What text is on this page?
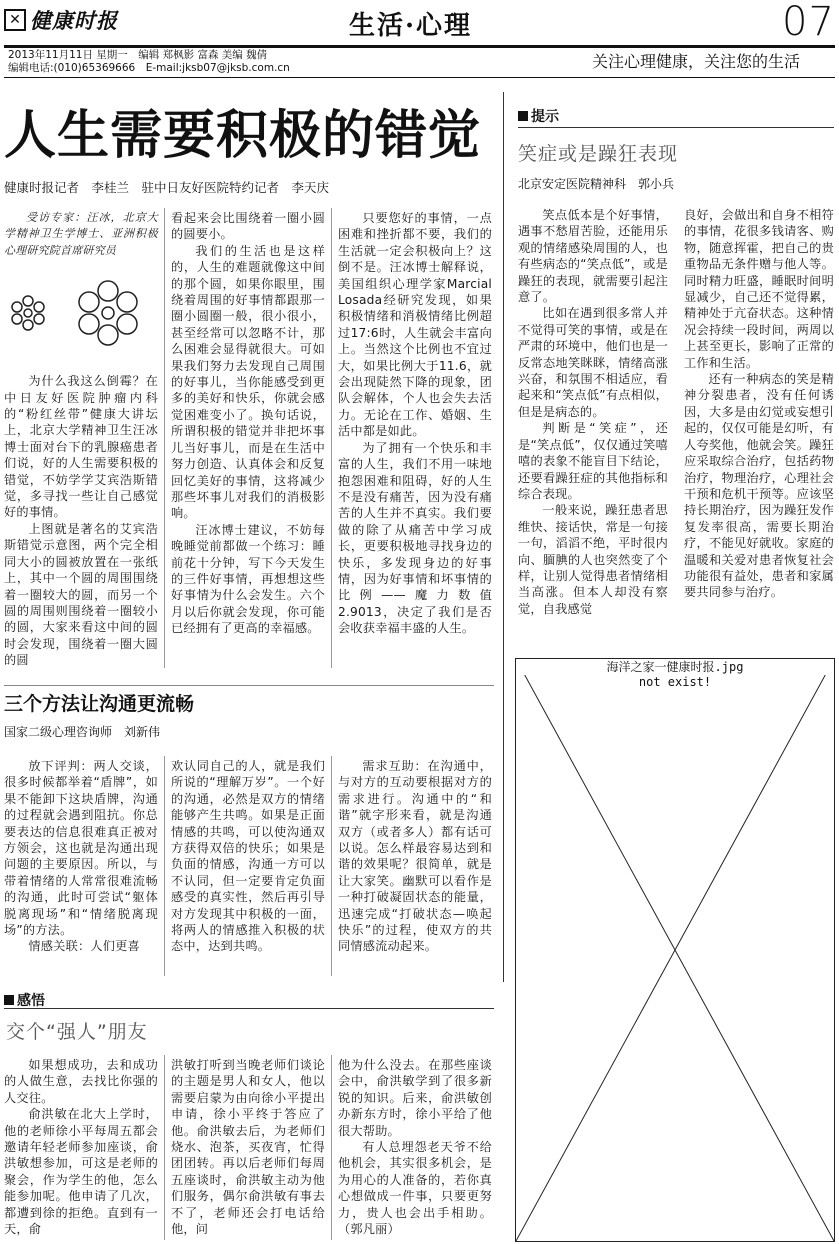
✕ 健康时报	生活·心理	07
2013年11月11日 星期一　编辑 郑枫影 富森 美编 魏倩
编辑电话:(010)65369666　E-mail:jksb07@jksb.com.cn	关注心理健康，关注您的生活
人生需要积极的错觉
健康时报记者　李桂兰　驻中日友好医院特约记者　李天庆

受访专家：汪冰，北京大学精神卫生学博士、亚洲积极心理研究院首席研究员

为什么我这么倒霉？在中日友好医院肿瘤内科的“粉红丝带”健康大讲坛上，北京大学精神卫生汪冰博士面对台下的乳腺癌患者们说，好的人生需要积极的错觉，不妨学学艾宾浩斯错觉，多寻找一些让自己感觉好的事情。

上图就是著名的艾宾浩斯错觉示意图，两个完全相同大小的圆被放置在一张纸上，其中一个圆的周围围绕着一圈较大的圆，而另一个圆的周围则围绕着一圈较小的圆，大家来看这中间的圆时会发现，围绕着一圈大圆的圆

看起来会比围绕着一圈小圆的圆要小。

我们的生活也是这样的，人生的难题就像这中间的那个圆，如果你眼里，围绕着周围的好事情都跟那一圈小圆圈一般，很小很小，甚至经常可以忽略不计，那么困难会显得就很大。可如果我们努力去发现自己周围的好事儿，当你能感受到更多的美好和快乐，你就会感觉困难变小了。换句话说，所谓积极的错觉并非把坏事儿当好事儿，而是在生活中努力创造、认真体会和反复回忆美好的事情，这将减少那些坏事儿对我们的消极影响。

汪冰博士建议，不妨每晚睡觉前都做一个练习：睡前花十分钟，写下今天发生的三件好事情，再想想这些好事情为什么会发生。六个月以后你就会发现，你可能已经拥有了更高的幸福感。

只要您好的事情，一点困难和挫折都不要，我们的生活就一定会积极向上？这倒不是。汪冰博士解释说，美国组织心理学家Marcial Losada经研究发现，如果积极情绪和消极情绪比例超过17:6时，人生就会丰富向上。当然这个比例也不宜过大，如果比例大于11.6，就会出现陡然下降的现象，团队会解体，个人也会失去活力。无论在工作、婚姻、生活中都是如此。

为了拥有一个快乐和丰富的人生，我们不用一味地抱怨困难和阻碍，好的人生不是没有痛苦，因为没有痛苦的人生并不真实。我们要做的除了从痛苦中学习成长，更要积极地寻找身边的快乐，多发现身边的好事情，因为好事情和坏事情的比例——魔力数值2.9013，决定了我们是否会收获幸福丰盛的人生。

三个方法让沟通更流畅
国家二级心理咨询师　刘新伟

放下评判：两人交谈，很多时候都举着“盾牌”，如果不能卸下这块盾牌，沟通的过程就会遇到阻抗。你总要表达的信息很难真正被对方领会，这也就是沟通出现问题的主要原因。所以，与带着情绪的人常常很难流畅的沟通，此时可尝试“躯体脱离现场”和“情绪脱离现场”的方法。

情感关联：人们更喜

欢认同自己的人，就是我们所说的“理解万岁”。一个好的沟通，必然是双方的情绪能够产生共鸣。如果是正面情感的共鸣，可以使沟通双方获得双倍的快乐；如果是负面的情感，沟通一方可以不认同，但一定要肯定负面感受的真实性，然后再引导对方发现其中积极的一面，将两人的情感推入积极的状态中，达到共鸣。

需求互助：在沟通中，与对方的互动要根据对方的需求进行。沟通中的“和谐”就字形来看，就是沟通双方（或者多人）都有话可以说。怎么样最容易达到和谐的效果呢？很简单，就是让大家笑。幽默可以看作是一种打破凝固状态的能量，迅速完成“打破状态—唤起快乐”的过程，使双方的共同情感流动起来。

提示
笑症或是躁狂表现
北京安定医院精神科　郭小兵

笑点低本是个好事情，遇事不愁眉苦脸，还能用乐观的情绪感染周围的人，也有些病态的“笑点低”，或是躁狂的表现，就需要引起注意了。

比如在遇到很多常人并不觉得可笑的事情，或是在严肃的环境中，他们也是一反常态地笑眯眯，情绪高涨兴奋，和氛围不相适应，看起来和“笑点低”有点相似，但是是病态的。

判断是“笑症”，还是“笑点低”，仅仅通过笑嘻嘻的表象不能盲目下结论，还要看躁狂症的其他指标和综合表现。

一般来说，躁狂患者思维快、接话快，常是一句接一句，滔滔不绝，平时很内向、腼腆的人也突然变了个样，让别人觉得患者情绪相当高涨。但本人却没有察觉，自我感觉

良好，会做出和自身不相符的事情，花很多钱请客、购物，随意挥霍，把自己的贵重物品无条件赠与他人等。同时精力旺盛，睡眠时间明显减少，自己还不觉得累，精神处于亢奋状态。这种情况会持续一段时间，两周以上甚至更长，影响了正常的工作和生活。

还有一种病态的笑是精神分裂患者，没有任何诱因，大多是由幻觉或妄想引起的，仅仅可能是幻听，有人夸奖他，他就会笑。躁狂应采取综合治疗，包括药物治疗，物理治疗，心理社会干预和危机干预等。应该坚持长期治疗，因为躁狂发作复发率很高，需要长期治疗，不能见好就收。家庭的温暖和关爱对患者恢复社会功能很有益处，患者和家属要共同参与治疗。

海洋之家一健康时报.jpg
not exist!
感悟
交个“强人”朋友

如果想成功，去和成功的人做生意，去找比你强的人交往。

俞洪敏在北大上学时，他的老师徐小平每周五都会邀请年轻老师参加座谈，俞洪敏想参加，可这是老师的聚会，作为学生的他，怎么能参加呢。他申请了几次，都遭到徐的拒绝。直到有一天，俞

洪敏打听到当晚老师们谈论的主题是男人和女人，他以需要启蒙为由向徐小平提出申请，徐小平终于答应了他。俞洪敏去后，为老师们烧水、泡茶，买夜宵，忙得团团转。再以后老师们每周五座谈时，俞洪敏主动为他们服务，偶尔俞洪敏有事去不了，老师还会打电话给他，问

他为什么没去。在那些座谈会中，俞洪敏学到了很多新锐的知识。后来，俞洪敏创办新东方时，徐小平给了他很大帮助。

有人总埋怨老天爷不给他机会，其实很多机会，是为用心的人准备的，若你真心想做成一件事，只要更努力，贵人也会出手相助。（郭凡丽）
